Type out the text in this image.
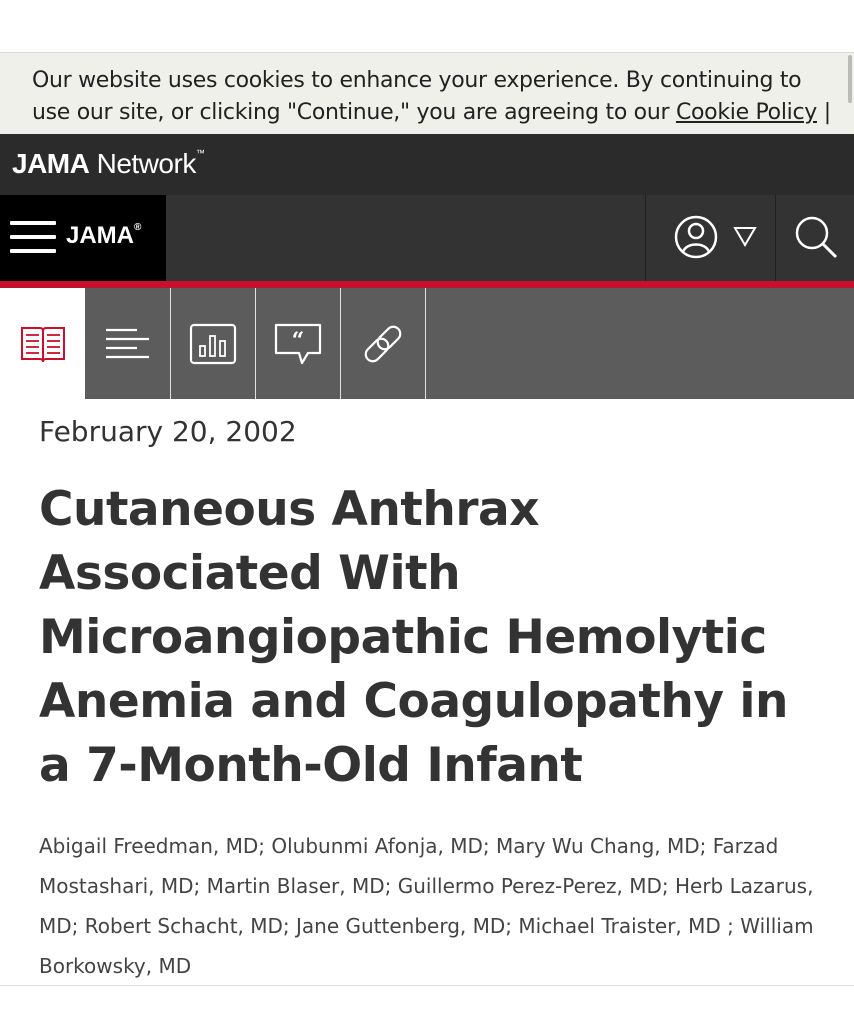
Our website uses cookies to enhance your experience. By continuing to use our site, or clicking "Continue," you are agreeing to our Cookie Policy |

JAMA Network™
JAMA®
“
February 20, 2002
Cutaneous Anthrax Associated With Microangiopathic Hemolytic Anemia and Coagulopathy in a 7-Month-Old Infant
Abigail Freedman, MD; Olubunmi Afonja, MD; Mary Wu Chang, MD; Farzad Mostashari, MD; Martin Blaser, MD; Guillermo Perez-Perez, MD; Herb Lazarus, MD; Robert Schacht, MD; Jane Guttenberg, MD; Michael Traister, MD ; William Borkowsky, MD
